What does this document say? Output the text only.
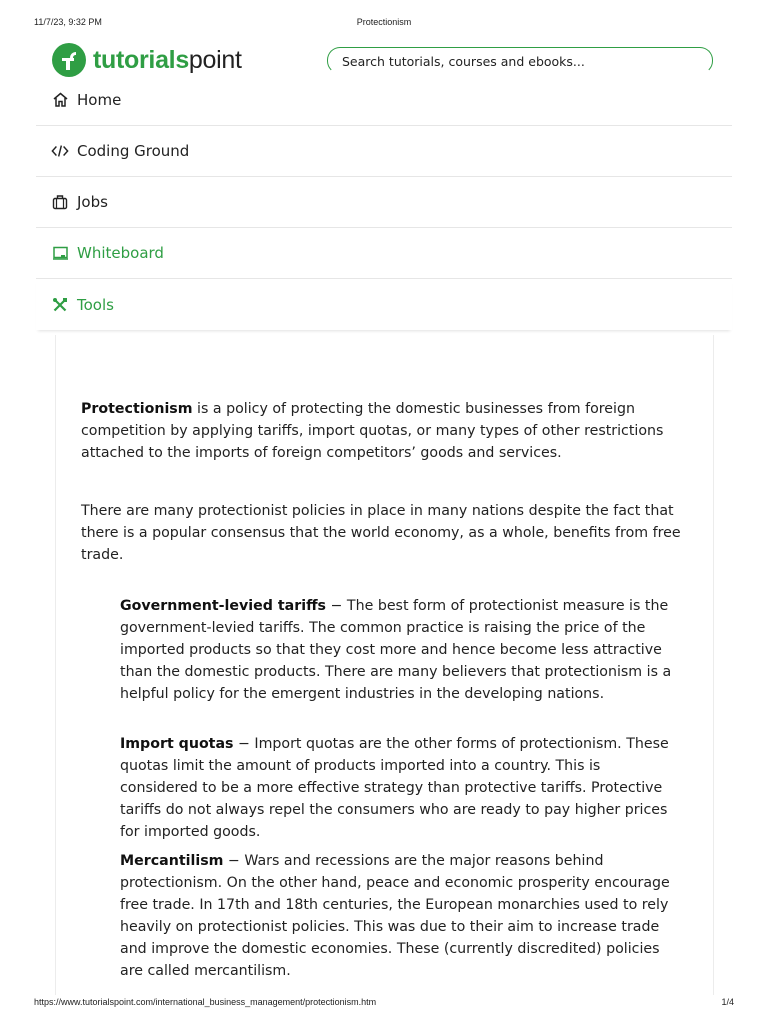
11/7/23, 9:32 PM	Protectionism
tutorialspoint	Search tutorials, courses and ebooks...
Home
Coding Ground
Jobs
Whiteboard
Tools

Protectionism is a policy of protecting the domestic businesses from foreign competition by applying tariffs, import quotas, or many types of other restrictions attached to the imports of foreign competitors’ goods and services.

There are many protectionist policies in place in many nations despite the fact that there is a popular consensus that the world economy, as a whole, benefits from free trade.

Government-levied tariffs − The best form of protectionist measure is the government-levied tariffs. The common practice is raising the price of the imported products so that they cost more and hence become less attractive than the domestic products. There are many believers that protectionism is a helpful policy for the emergent industries in the developing nations.

Import quotas − Import quotas are the other forms of protectionism. These quotas limit the amount of products imported into a country. This is considered to be a more effective strategy than protective tariffs. Protective tariffs do not always repel the consumers who are ready to pay higher prices for imported goods.

Mercantilism − Wars and recessions are the major reasons behind protectionism. On the other hand, peace and economic prosperity encourage free trade. In 17th and 18th centuries, the European monarchies used to rely heavily on protectionist policies. This was due to their aim to increase trade and improve the domestic economies. These (currently discredited) policies are called mercantilism.

https://www.tutorialspoint.com/international_business_management/protectionism.htm	1/4
